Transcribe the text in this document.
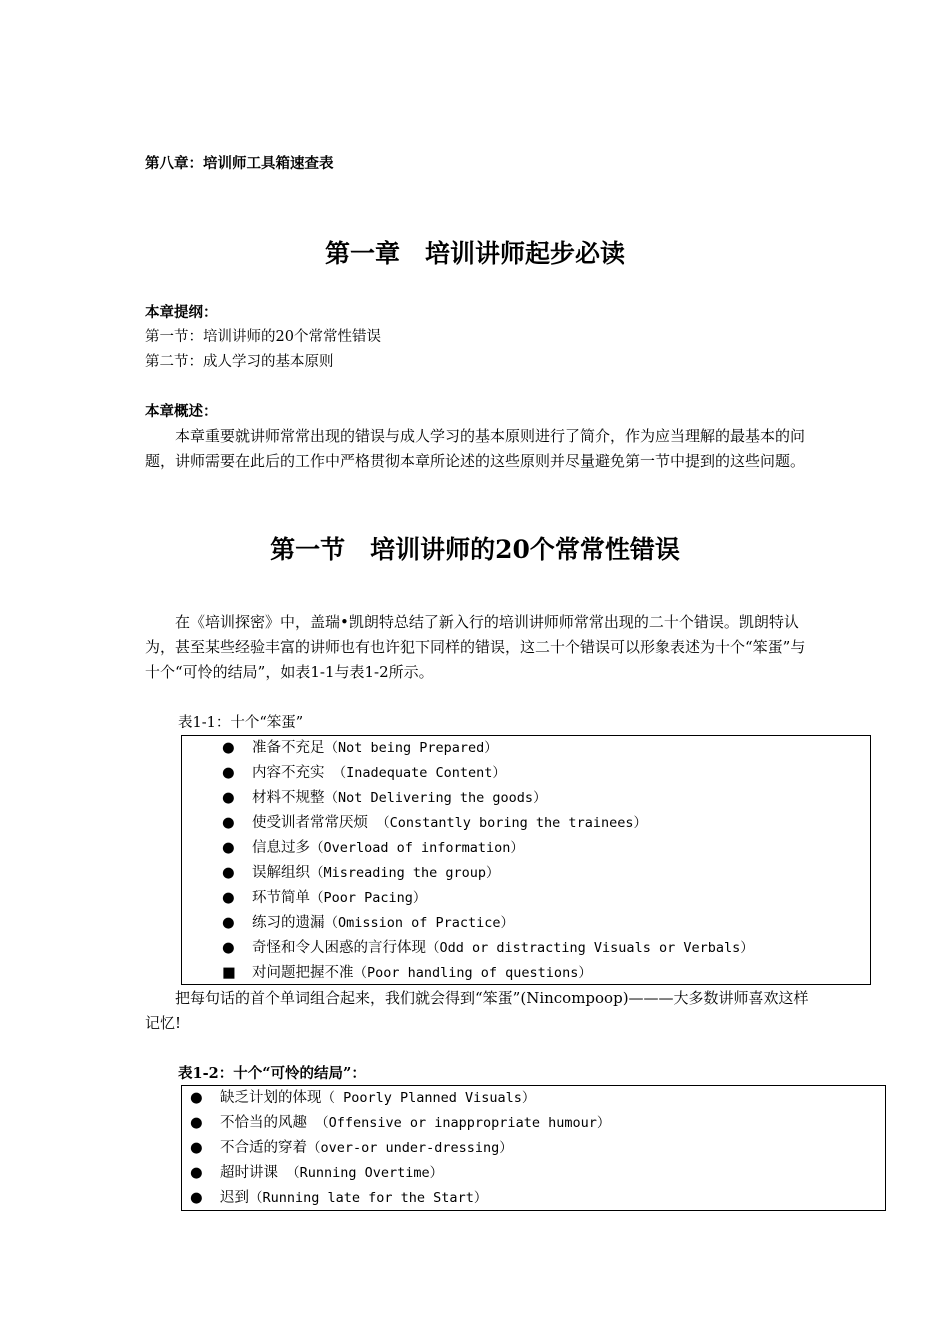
第八章：培训师工具箱速查表
第一章　培训讲师起步必读
本章提纲：
第一节：培训讲师的20个常常性错误
第二节：成人学习的基本原则
本章概述：
本章重要就讲师常常出现的错误与成人学习的基本原则进行了简介，作为应当理解的最基本的问题，讲师需要在此后的工作中严格贯彻本章所论述的这些原则并尽量避免第一节中提到的这些问题。
第一节　培训讲师的20个常常性错误
在《培训探密》中，盖瑞•凯朗特总结了新入行的培训讲师师常常出现的二十个错误。凯朗特认为，甚至某些经验丰富的讲师也有也许犯下同样的错误，这二十个错误可以形象表述为十个“笨蛋”与十个“可怜的结局”，如表1-1与表1-2所示。
表1-1：十个“笨蛋”
● 准备不充足（Not being Prepared）
● 内容不充实 （Inadequate Content）
● 材料不规整（Not Delivering the goods）
● 使受训者常常厌烦 （Constantly boring the trainees）
● 信息过多（Overload of information）
● 误解组织（Misreading the group）
● 环节简单（Poor Pacing）
● 练习的遗漏（Omission of Practice）
● 奇怪和令人困惑的言行体现（Odd or distracting Visuals or Verbals）
■ 对问题把握不准（Poor handling of questions）
把每句话的首个单词组合起来，我们就会得到“笨蛋”(Nincompoop)———大多数讲师喜欢这样记忆!
表1-2：十个“可怜的结局”：
● 缺乏计划的体现（ Poorly Planned Visuals）
● 不恰当的风趣 （Offensive or inappropriate humour）
● 不合适的穿着（over-or under-dressing）
● 超时讲课 （Running Overtime）
● 迟到（Running late for the Start）
